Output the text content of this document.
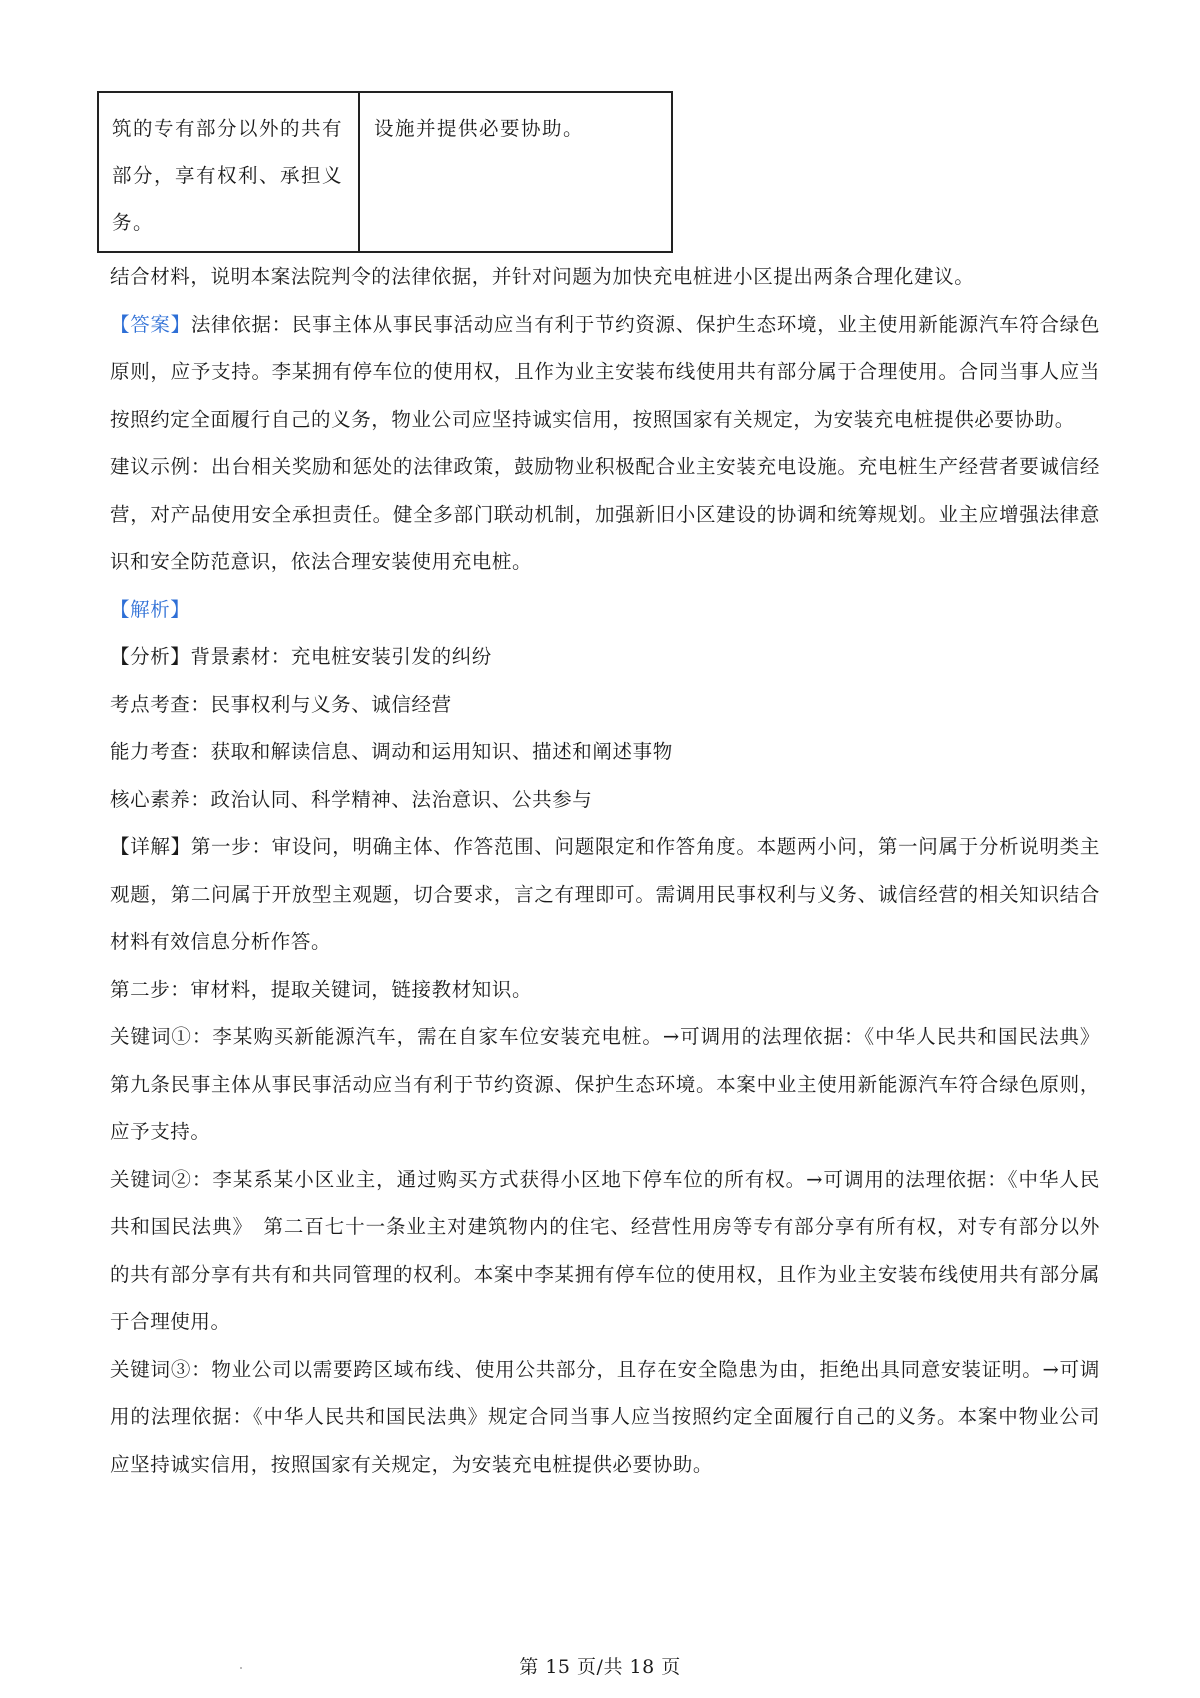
筑的专有部分以外的共有部分，享有权利、承担义务。
设施并提供必要协助。

结合材料，说明本案法院判令的法律依据，并针对问题为加快充电桩进小区提出两条合理化建议。

【答案】法律依据：民事主体从事民事活动应当有利于节约资源、保护生态环境，业主使用新能源汽车符合绿色原则，应予支持。李某拥有停车位的使用权，且作为业主安装布线使用共有部分属于合理使用。合同当事人应当按照约定全面履行自己的义务，物业公司应坚持诚实信用，按照国家有关规定，为安装充电桩提供必要协助。

建议示例：出台相关奖励和惩处的法律政策，鼓励物业积极配合业主安装充电设施。充电桩生产经营者要诚信经营，对产品使用安全承担责任。健全多部门联动机制，加强新旧小区建设的协调和统筹规划。业主应增强法律意识和安全防范意识，依法合理安装使用充电桩。

【解析】

【分析】背景素材：充电桩安装引发的纠纷

考点考查：民事权利与义务、诚信经营

能力考查：获取和解读信息、调动和运用知识、描述和阐述事物

核心素养：政治认同、科学精神、法治意识、公共参与

【详解】第一步：审设问，明确主体、作答范围、问题限定和作答角度。本题两小问，第一问属于分析说明类主观题，第二问属于开放型主观题，切合要求，言之有理即可。需调用民事权利与义务、诚信经营的相关知识结合材料有效信息分析作答。

第二步：审材料，提取关键词，链接教材知识。

关键词①：李某购买新能源汽车，需在自家车位安装充电桩。→可调用的法理依据：《中华人民共和国民法典》第九条民事主体从事民事活动应当有利于节约资源、保护生态环境。本案中业主使用新能源汽车符合绿色原则，应予支持。

关键词②：李某系某小区业主，通过购买方式获得小区地下停车位的所有权。→可调用的法理依据：《中华人民共和国民法典》　第二百七十一条业主对建筑物内的住宅、经营性用房等专有部分享有所有权，对专有部分以外的共有部分享有共有和共同管理的权利。本案中李某拥有停车位的使用权，且作为业主安装布线使用共有部分属于合理使用。

关键词③：物业公司以需要跨区域布线、使用公共部分，且存在安全隐患为由，拒绝出具同意安装证明。→可调用的法理依据：《中华人民共和国民法典》规定合同当事人应当按照约定全面履行自己的义务。本案中物业公司应坚持诚实信用，按照国家有关规定，为安装充电桩提供必要协助。

第 15 页/共 18 页
